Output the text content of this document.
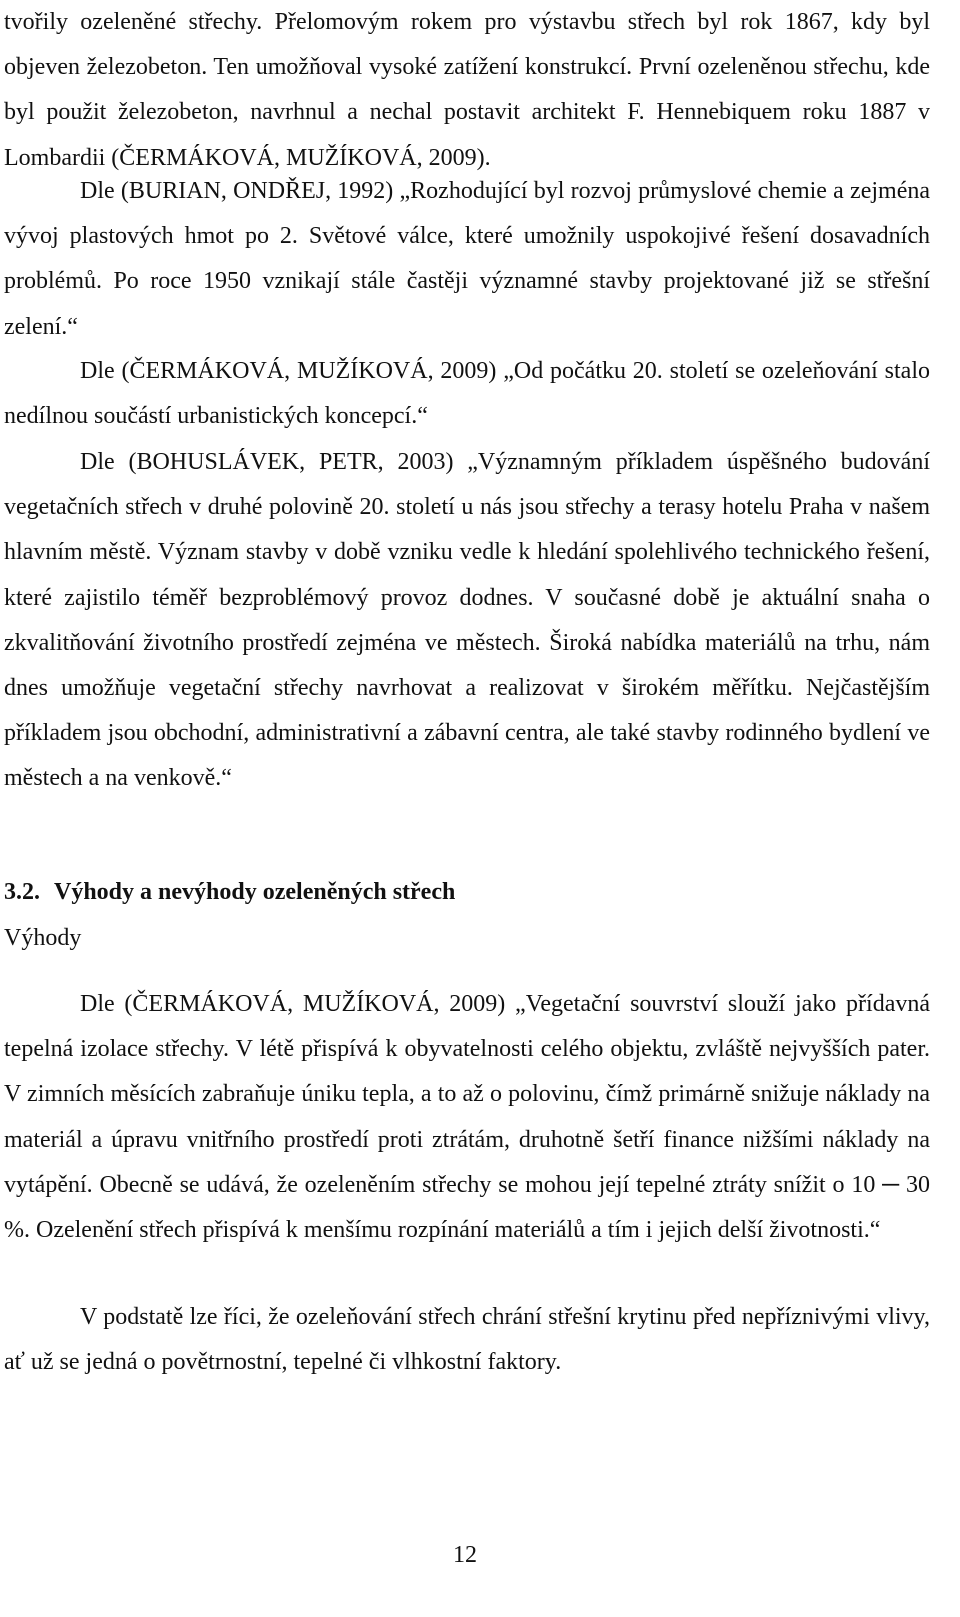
tvořily ozeleněné střechy. Přelomovým rokem pro výstavbu střech byl rok 1867, kdy byl objeven železobeton. Ten umožňoval vysoké zatížení konstrukcí. První ozeleněnou střechu, kde byl použit železobeton, navrhnul a nechal postavit architekt F. Hennebiquem roku 1887 v Lombardii (ČERMÁKOVÁ, MUŽÍKOVÁ, 2009).

Dle (BURIAN, ONDŘEJ, 1992) „Rozhodující byl rozvoj průmyslové chemie a zejména vývoj plastových hmot po 2. Světové válce, které umožnily uspokojivé řešení dosavadních problémů. Po roce 1950 vznikají stále častěji významné stavby projektované již se střešní zelení.“

Dle (ČERMÁKOVÁ, MUŽÍKOVÁ, 2009) „Od počátku 20. století se ozeleňování stalo nedílnou součástí urbanistických koncepcí.“

Dle (BOHUSLÁVEK, PETR, 2003) „Významným příkladem úspěšného budování vegetačních střech v druhé polovině 20. století u nás jsou střechy a terasy hotelu Praha v našem hlavním městě. Význam stavby v době vzniku vedle k hledání spolehlivého technického řešení, které zajistilo téměř bezproblémový provoz dodnes. V současné době je aktuální snaha o zkvalitňování životního prostředí zejména ve městech. Široká nabídka materiálů na trhu, nám dnes umožňuje vegetační střechy navrhovat a realizovat v širokém měřítku. Nejčastějším příkladem jsou obchodní, administrativní a zábavní centra, ale také stavby rodinného bydlení ve městech a na venkově.“

3.2. Výhody a nevýhody ozeleněných střech
Výhody

Dle (ČERMÁKOVÁ, MUŽÍKOVÁ, 2009) „Vegetační souvrství slouží jako přídavná tepelná izolace střechy. V létě přispívá k obyvatelnosti celého objektu, zvláště nejvyšších pater. V zimních měsících zabraňuje úniku tepla, a to až o polovinu, čímž primárně snižuje náklady na materiál a úpravu vnitřního prostředí proti ztrátám, druhotně šetří finance nižšími náklady na vytápění. Obecně se udává, že ozeleněním střechy se mohou její tepelné ztráty snížit o 10 ─ 30 %. Ozelenění střech přispívá k menšímu rozpínání materiálů a tím i jejich delší životnosti.“

V podstatě lze říci, že ozeleňování střech chrání střešní krytinu před nepříznivými vlivy, ať už se jedná o povětrnostní, tepelné či vlhkostní faktory.

12
